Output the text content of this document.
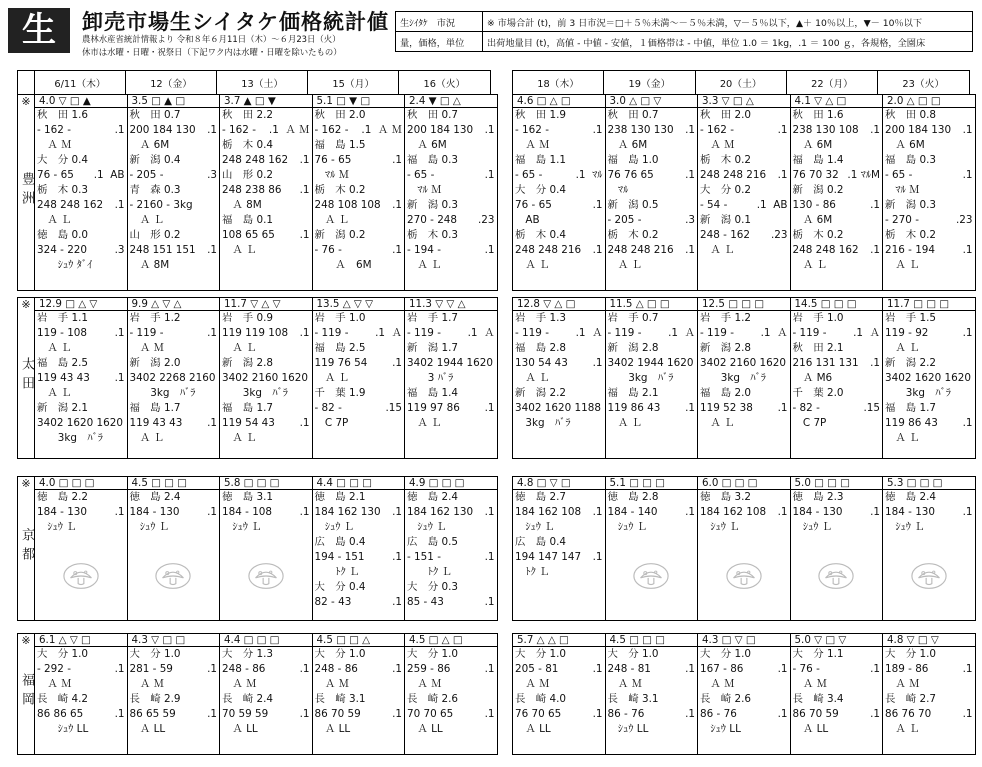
生	卸売市場生シイタケ価格統計値
農林水産省統計情報より 令和８年６月11日（木）～６月23日（火）
休市は水曜・日曜・祝祭日（下記ワク内は水曜・日曜を除いたもの）
生ｼｲﾀｹ　市況	※ 市場合計 (t)，前 3 日市況＝□＋５％未満〜－５％未満，▽－５％以下，▲＋ 10％以上，▼－ 10％以下
量，価格，単位	出荷地量目 (t)，高値 - 中値 - 安値，１価格帯は - 中値，単位 1.0 ＝ 1kg，.1 ＝ 100 ｇ，各規格，全園床
	6/11（木）	12（金）	13（土）	15（月）	16（火）	18（木）	19（金）	20（土）	22（月）	23（火）
※
豊洲

4.0 ▽ □ ▲
秋　田 1.6
- 162 -	.1
　Ａ Ｍ
大　分 0.4
76 - 65 .1  AB
栃　木 0.3
248 248 162 .1
　Ａ Ｌ
徳　島 0.0
324 - 220	.3
　　ｼｭｳ ﾀﾞｲ

3.5 □ ▲ □
秋　田 0.7
200 184 130 .1
　Ａ 6M
新　潟 0.4
- 205 -	.3
青　森 0.3
- 2160 - 3kg
　Ａ Ｌ
山　形 0.2
248 151 151 .1
　Ａ 8M

3.7 ▲ □ ▼
秋　田 2.2
- 162 - .1  Ａ Ｍ
栃　木 0.4
248 248 162 .1
山　形 0.2
248 238 86 .1
　Ａ 8M
福　島 0.1
108 65 65 .1
　Ａ Ｌ

5.1 □ ▼ □
秋　田 2.0
- 162 - .1  Ａ Ｍ
福　島 1.5
76 - 65	.1
　ﾏﾙ Ｍ
栃　木 0.2
248 108 108 .1
　Ａ Ｌ
新　潟 0.2
- 76 -	.1
　　Ａ　6M

2.4 ▼ □ △
秋　田 0.7
200 184 130 .1
　Ａ 6M
福　島 0.3
- 65 -	.1
　ﾏﾙ Ｍ
新　潟 0.3
270 - 248 .23
栃　木 0.3
- 194 -	.1
　Ａ Ｌ
4.6 □ △ □
秋　田 1.9
- 162 -	.1
　Ａ Ｍ
福　島 1.1
- 65 -	.1  ﾏﾙ
大　分 0.4
76 - 65	.1
　AB
栃　木 0.4
248 248 216 .1
　Ａ Ｌ

3.0 △ □ ▽
秋　田 0.7
238 130 130 .1
　Ａ 6M
福　島 1.0
76 76 65	.1
　ﾏﾙ
新　潟 0.5
- 205 -	.3
栃　木 0.2
248 248 216 .1
　Ａ Ｌ

3.3 ▽ □ △
秋　田 2.0
- 162 -	.1
　Ａ Ｍ
栃　木 0.2
248 248 216 .1
大　分 0.2
- 54 -	.1  AB
新　潟 0.1
248 - 162 .23
　Ａ Ｌ

4.1 ▽ △ □
秋　田 1.6
238 130 108 .1
　Ａ 6M
福　島 1.4
76 70 32 .1 ﾏﾙM
新　潟 0.2
130 - 86	.1
　Ａ 6M
栃　木 0.2
248 248 162 .1
　Ａ Ｌ

2.0 △ □ □
秋　田 0.8
200 184 130 .1
　Ａ 6M
福　島 0.3
- 65 -	.1
　ﾏﾙ Ｍ
新　潟 0.3
- 270 -	.23
栃　木 0.2
216 - 194	.1
　Ａ Ｌ
※
太田

12.9 □ △ ▽
岩　手 1.1
119 - 108	.1
　Ａ Ｌ
福　島 2.5
119 43 43 .1
　Ａ Ｌ
新　潟 2.1
3402 1620 1620
　　3kg　ﾊﾞﾗ

9.9 △ ▽ △
岩　手 1.2
- 119 -	.1
　Ａ Ｍ
新　潟 2.0
3402 2268 2160
　　3kg　ﾊﾞﾗ
福　島 1.7
119 43 43 .1
　Ａ Ｌ

11.7 ▽ △ ▽
岩　手 0.9
119 119 108 .1
　Ａ Ｌ
新　潟 2.8
3402 2160 1620
　　3kg　ﾊﾞﾗ
福　島 1.7
119 54 43 .1
　Ａ Ｌ

13.5 △ ▽ ▽
岩　手 1.0
- 119 -	.1  Ａ
福　島 2.5
119 76 54 .1
　Ａ Ｌ
千　葉 1.9
- 82 -	.15
　C 7P

11.3 ▽ ▽ △
岩　手 1.7
- 119 -	.1  Ａ
新　潟 1.7
3402 1944 1620
　　3 ﾊﾞﾗ
福　島 1.4
119 97 86 .1
　Ａ Ｌ
12.8 ▽ △ □
岩　手 1.3
- 119 -	.1  Ａ
福　島 2.8
130 54 43 .1
　Ａ Ｌ
新　潟 2.2
3402 1620 1188
　3kg　ﾊﾞﾗ

11.5 △ □ □
岩　手 0.7
- 119 -	.1  Ａ
新　潟 2.8
3402 1944 1620
　　3kg　ﾊﾞﾗ
福　島 2.1
119 86 43 .1
　Ａ Ｌ

12.5 □ □ □
岩　手 1.2
- 119 -	.1  Ａ
新　潟 2.8
3402 2160 1620
　　3kg　ﾊﾞﾗ
福　島 2.0
119 52 38 .1
　Ａ Ｌ

14.5 □ □ □
岩　手 1.0
- 119 -	.1  Ａ
秋　田 2.1
216 131 131 .1
　Ａ M6
千　葉 2.0
- 82 -	.15
　C 7P

11.7 □ □ □
岩　手 1.5
119 - 92	.1
　Ａ Ｌ
新　潟 2.2
3402 1620 1620
　　3kg　ﾊﾞﾗ
福　島 1.7
119 86 43 .1
　Ａ Ｌ
※
京都

4.0 □ □ □
徳　島 2.2
184 - 130	.1
　ｼｭｳ Ｌ

4.5 □ □ □
徳　島 2.4
184 - 130	.1
　ｼｭｳ Ｌ

5.8 □ □ □
徳　島 3.1
184 - 108	.1
　ｼｭｳ Ｌ

4.4 □ □ □
徳　島 2.1
184 162 130 .1
　ｼｭｳ Ｌ
広　島 0.4
194 - 151	.1
　　ﾄｸ Ｌ
大　分 0.4
82 - 43	.1

4.9 □ □ □
徳　島 2.4
184 162 130 .1
　ｼｭｳ Ｌ
広　島 0.5
- 151 -	.1
　　ﾄｸ Ｌ
大　分 0.3
85 - 43	.1
4.8 □ ▽ □
徳　島 2.7
184 162 108 .1
　ｼｭｳ Ｌ
広　島 0.4
194 147 147 .1
　ﾄｸ Ｌ

5.1 □ □ □
徳　島 2.8
184 - 140	.1
　ｼｭｳ Ｌ

6.0 □ □ □
徳　島 3.2
184 162 108 .1
　ｼｭｳ Ｌ

5.0 □ □ □
徳　島 2.3
184 - 130	.1
　ｼｭｳ Ｌ

5.3 □ □ □
徳　島 2.4
184 - 130	.1
　ｼｭｳ Ｌ
※
福岡

6.1 △ ▽ □
大　分 1.0
- 292 -	.1
　Ａ Ｍ
長　崎 4.2
86 86 65	.1
　　ｼｭｳ LL

4.3 ▽ □ □
大　分 1.0
281 - 59	.1
　Ａ Ｍ
長　崎 2.9
86 65 59	.1
　Ａ LL

4.4 □ □ □
大　分 1.3
248 - 86	.1
　Ａ Ｍ
長　崎 2.4
70 59 59	.1
　Ａ LL

4.5 □ □ △
大　分 1.0
248 - 86	.1
　Ａ Ｍ
長　崎 3.1
86 70 59	.1
　Ａ LL

4.5 □ △ □
大　分 1.0
259 - 86	.1
　Ａ Ｍ
長　崎 2.6
70 70 65	.1
　Ａ LL
5.7 △ △ □
大　分 1.0
205 - 81	.1
　Ａ Ｍ
長　崎 4.0
76 70 65	.1
　Ａ LL

4.5 □ □ □
大　分 1.0
248 - 81	.1
　Ａ Ｍ
長　崎 3.1
86 - 76	.1
　ｼｭｳ LL

4.3 □ ▽ □
大　分 1.0
167 - 86	.1
　Ａ Ｍ
長　崎 2.6
86 - 76	.1
　ｼｭｳ LL

5.0 ▽ □ ▽
大　分 1.1
- 76 -	.1
　Ａ Ｍ
長　崎 3.4
86 70 59	.1
　Ａ LL

4.8 ▽ □ ▽
大　分 1.0
189 - 86	.1
　Ａ Ｍ
長　崎 2.7
86 76 70	.1
　Ａ Ｌ
